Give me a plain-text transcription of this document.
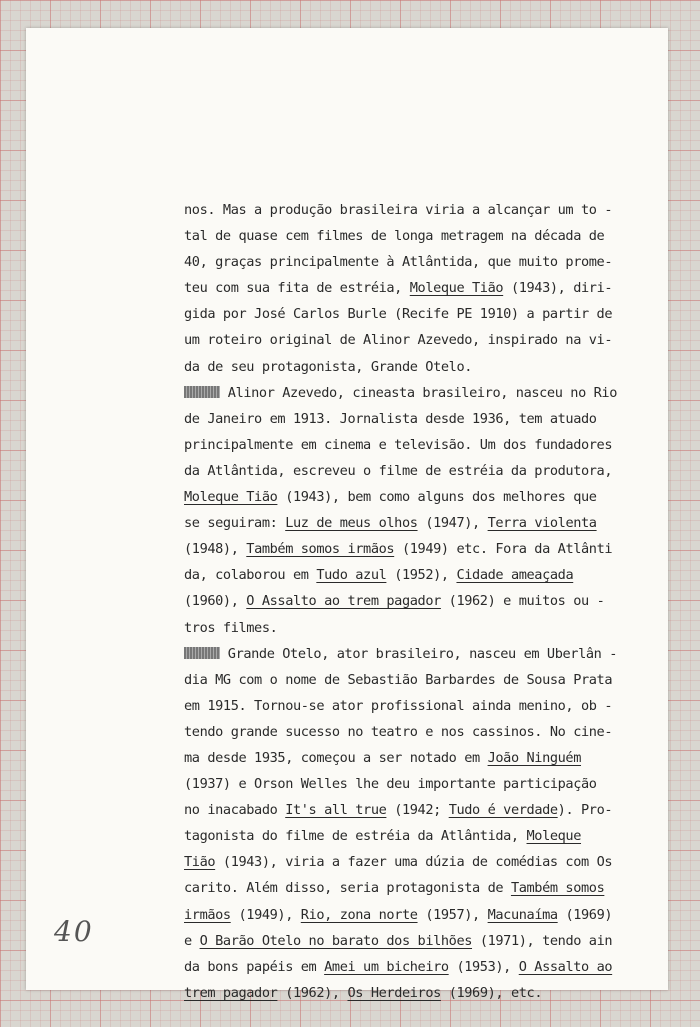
nos. Mas a produção brasileira viria a alcançar um to -
tal de quase cem filmes de longa metragem na década de
40, graças principalmente à Atlântida, que muito prome-
teu com sua fita de estréia, Moleque Tião (1943), diri-
gida por José Carlos Burle (Recife PE 1910) a partir de
um roteiro original de Alinor Azevedo, inspirado na vi-
da de seu protagonista, Grande Otelo.
Alinor Azevedo, cineasta brasileiro, nasceu no Rio
de Janeiro em 1913. Jornalista desde 1936, tem atuado
principalmente em cinema e televisão. Um dos fundadores
da Atlântida, escreveu o filme de estréia da produtora,
Moleque Tião (1943), bem como alguns dos melhores que
se seguiram: Luz de meus olhos (1947), Terra violenta
(1948), Também somos irmãos (1949) etc. Fora da Atlânti
da, colaborou em Tudo azul (1952), Cidade ameaçada
(1960), O Assalto ao trem pagador (1962) e muitos ou -
tros filmes.
Grande Otelo, ator brasileiro, nasceu em Uberlân -
dia MG com o nome de Sebastião Barbardes de Sousa Prata
em 1915. Tornou-se ator profissional ainda menino, ob -
tendo grande sucesso no teatro e nos cassinos. No cine-
ma desde 1935, começou a ser notado em João Ninguém
(1937) e Orson Welles lhe deu importante participação
no inacabado It's all true (1942; Tudo é verdade). Pro-
tagonista do filme de estréia da Atlântida, Moleque
Tião (1943), viria a fazer uma dúzia de comédias com Os
carito. Além disso, seria protagonista de Também somos
irmãos (1949), Rio, zona norte (1957), Macunaíma (1969)
e O Barão Otelo no barato dos bilhões (1971), tendo ain
da bons papéis em Amei um bicheiro (1953), O Assalto ao
trem pagador (1962), Os Herdeiros (1969), etc.
40
